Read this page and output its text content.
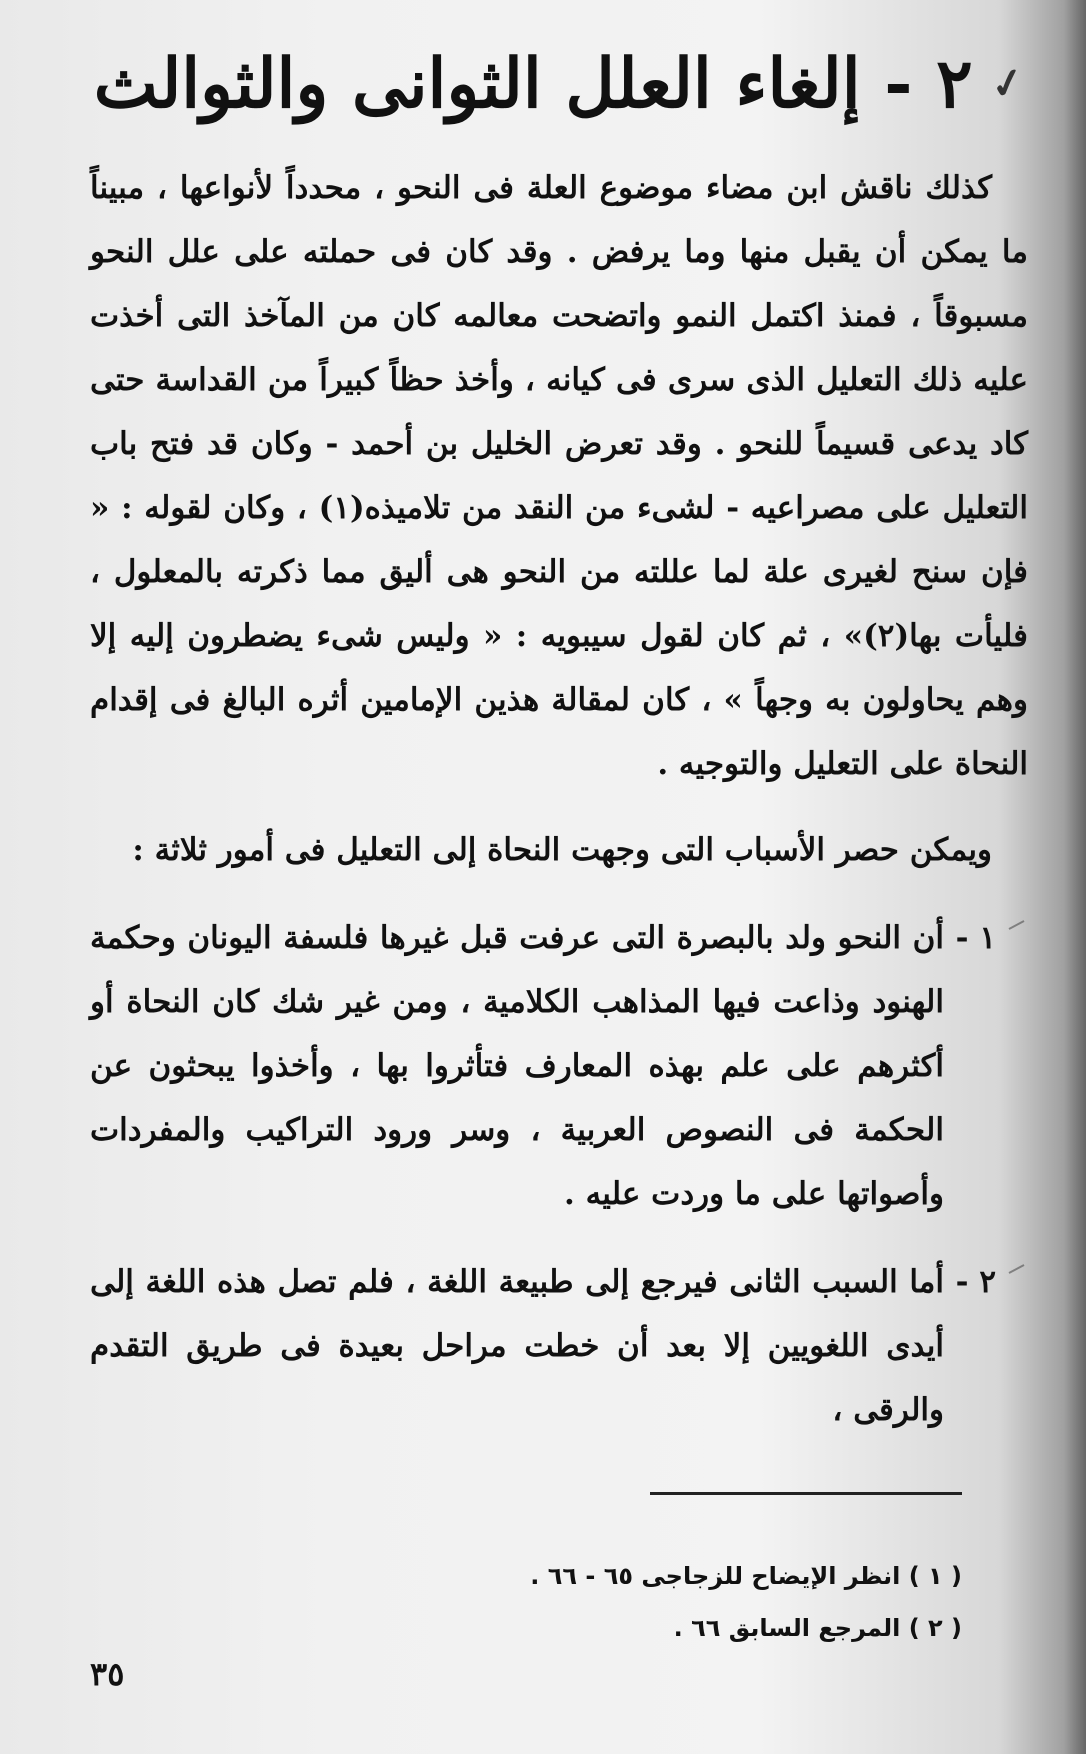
✓
٢ - إلغاء العلل الثوانى والثوالث

كذلك ناقش ابن مضاء موضوع العلة فى النحو ، محدداً لأنواعها ، مبيناً ما يمكن أن يقبل منها وما يرفض . وقد كان فى حملته على علل النحو مسبوقاً ، فمنذ اكتمل النمو واتضحت معالمه كان من المآخذ التى أخذت عليه ذلك التعليل الذى سرى فى كيانه ، وأخذ حظاً كبيراً من القداسة حتى كاد يدعى قسيماً للنحو . وقد تعرض الخليل بن أحمد - وكان قد فتح باب التعليل على مصراعيه - لشىء من النقد من تلاميذه(١) ، وكان لقوله : « فإن سنح لغيرى علة لما عللته من النحو هى أليق مما ذكرته بالمعلول ، فليأت بها(٢)» ، ثم كان لقول سيبويه : « وليس شىء يضطرون إليه إلا وهم يحاولون به وجهاً » ، كان لمقالة هذين الإمامين أثره البالغ فى إقدام النحاة على التعليل والتوجيه .

ويمكن حصر الأسباب التى وجهت النحاة إلى التعليل فى أمور ثلاثة :

١ -
أن النحو ولد بالبصرة التى عرفت قبل غيرها فلسفة اليونان وحكمة الهنود وذاعت فيها المذاهب الكلامية ، ومن غير شك كان النحاة أو أكثرهم على علم بهذه المعارف فتأثروا بها ، وأخذوا يبحثون عن الحكمة فى النصوص العربية ، وسر ورود التراكيب والمفردات وأصواتها على ما وردت عليه .
٢ -
أما السبب الثانى فيرجع إلى طبيعة اللغة ، فلم تصل هذه اللغة إلى أيدى اللغويين إلا بعد أن خطت مراحل بعيدة فى طريق التقدم والرقى ،
( ١ ) انظر الإيضاح للزجاجى ٦٥ - ٦٦ .
( ٢ ) المرجع السابق ٦٦ .
٣٥
